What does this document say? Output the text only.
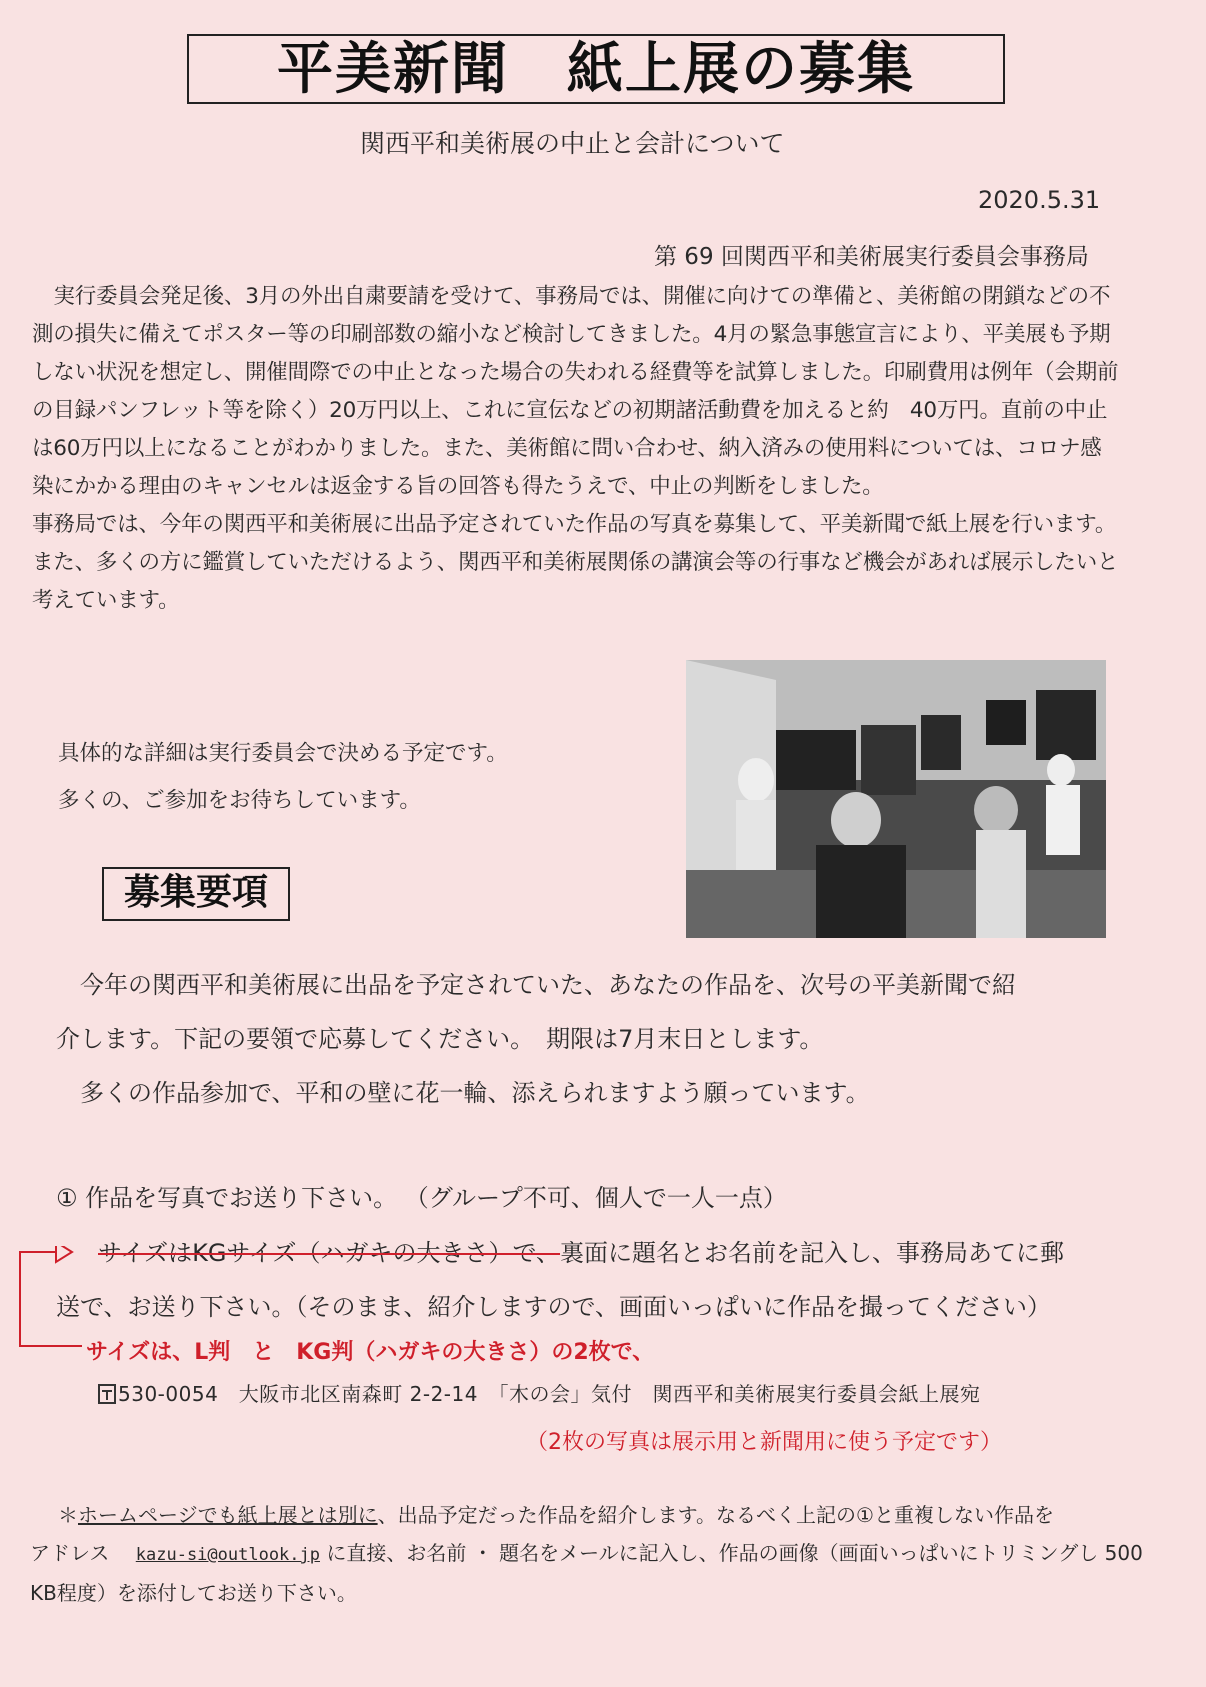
平美新聞　紙上展の募集
関西平和美術展の中止と会計について
2020.5.31
第 69 回関西平和美術展実行委員会事務局

実行委員会発足後、3月の外出自粛要請を受けて、事務局では、開催に向けての準備と、美術館の閉鎖などの不測の損失に備えてポスター等の印刷部数の縮小など検討してきました。4月の緊急事態宣言により、平美展も予期しない状況を想定し、開催間際での中止となった場合の失われる経費等を試算しました。印刷費用は例年（会期前の目録パンフレット等を除く）20万円以上、これに宣伝などの初期諸活動費を加えると約　40万円。直前の中止は60万円以上になることがわかりました。また、美術館に問い合わせ、納入済みの使用料については、コロナ感染にかかる理由のキャンセルは返金する旨の回答も得たうえで、中止の判断をしました。

事務局では、今年の関西平和美術展に出品予定されていた作品の写真を募集して、平美新聞で紙上展を行います。また、多くの方に鑑賞していただけるよう、関西平和美術展関係の講演会等の行事など機会があれば展示したいと考えています。

具体的な詳細は実行委員会で決める予定です。
多くの、ご参加をお待ちしています。
募集要項

　今年の関西平和美術展に出品を予定されていた、あなたの作品を、次号の平美新聞で紹

介します。下記の要領で応募してください。　期限は7月末日とします。

　多くの作品参加で、平和の壁に花一輪、添えられますよう願っています。

① 作品を写真でお送り下さい。 （グループ不可、個人で一人一点）
サイズはKGサイズ（ハガキの大きさ）で、裏面に題名とお名前を記入し、事務局あてに郵
送で、お送り下さい。（そのまま、紹介しますので、画面いっぱいに作品を撮ってください）
サイズは、L判　と　KG判（ハガキの大きさ）の2枚で、
530-0054　大阪市北区南森町 2-2-14　「木の会」気付　関西平和美術展実行委員会紙上展宛
（2枚の写真は展示用と新聞用に使う予定です）

＊ホームページでも紙上展とは別に、出品予定だった作品を紹介します。なるべく上記の①と重複しない作品を

アドレス　 kazu-si@outlook.jp に直接、お名前 ・ 題名をメールに記入し、作品の画像（画面いっぱいにトリミングし 500

KB程度）を添付してお送り下さい。
